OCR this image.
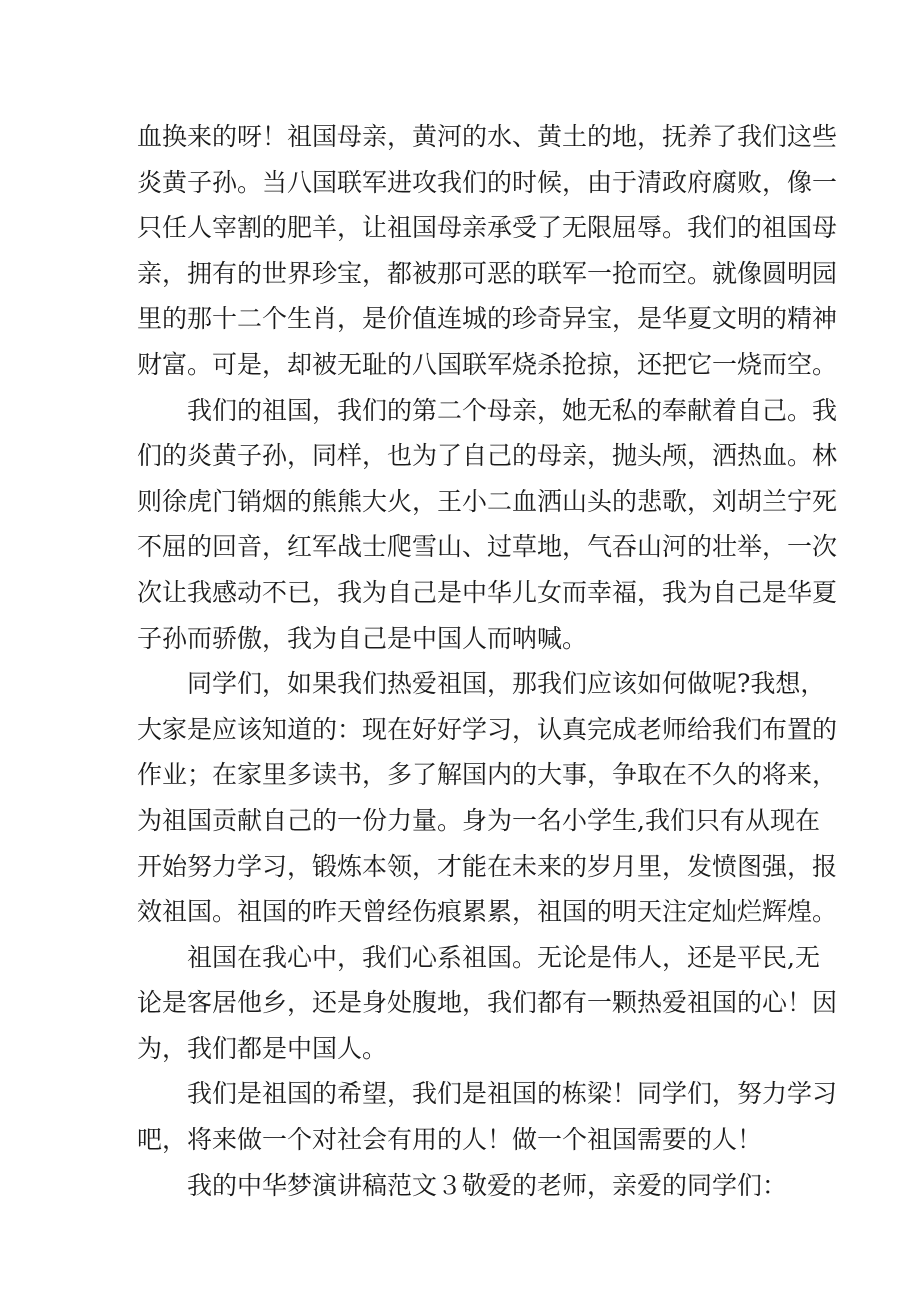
血换来的呀！祖国母亲，黄河的水、黄土的地，抚养了我们这些
炎黄子孙。当八国联军进攻我们的时候，由于清政府腐败，像一
只任人宰割的肥羊，让祖国母亲承受了无限屈辱。我们的祖国母
亲，拥有的世界珍宝，都被那可恶的联军一抢而空。就像圆明园
里的那十二个生肖，是价值连城的珍奇异宝，是华夏文明的精神
财富。可是，却被无耻的八国联军烧杀抢掠，还把它一烧而空。
我们的祖国，我们的第二个母亲，她无私的奉献着自己。我
们的炎黄子孙，同样，也为了自己的母亲，抛头颅，洒热血。林
则徐虎门销烟的熊熊大火，王小二血洒山头的悲歌，刘胡兰宁死
不屈的回音，红军战士爬雪山、过草地，气吞山河的壮举，一次
次让我感动不已，我为自己是中华儿女而幸福，我为自己是华夏
子孙而骄傲，我为自己是中国人而呐喊。
同学们，如果我们热爱祖国，那我们应该如何做呢?我想，
大家是应该知道的：现在好好学习，认真完成老师给我们布置的
作业；在家里多读书，多了解国内的大事，争取在不久的将来，
为祖国贡献自己的一份力量。身为一名小学生,我们只有从现在
开始努力学习，锻炼本领，才能在未来的岁月里，发愤图强，报
效祖国。祖国的昨天曾经伤痕累累，祖国的明天注定灿烂辉煌。
祖国在我心中，我们心系祖国。无论是伟人，还是平民,无
论是客居他乡，还是身处腹地，我们都有一颗热爱祖国的心！因
为，我们都是中国人。
我们是祖国的希望，我们是祖国的栋梁！同学们，努力学习
吧，将来做一个对社会有用的人！做一个祖国需要的人！
我的中华梦演讲稿范文３敬爱的老师，亲爱的同学们：
